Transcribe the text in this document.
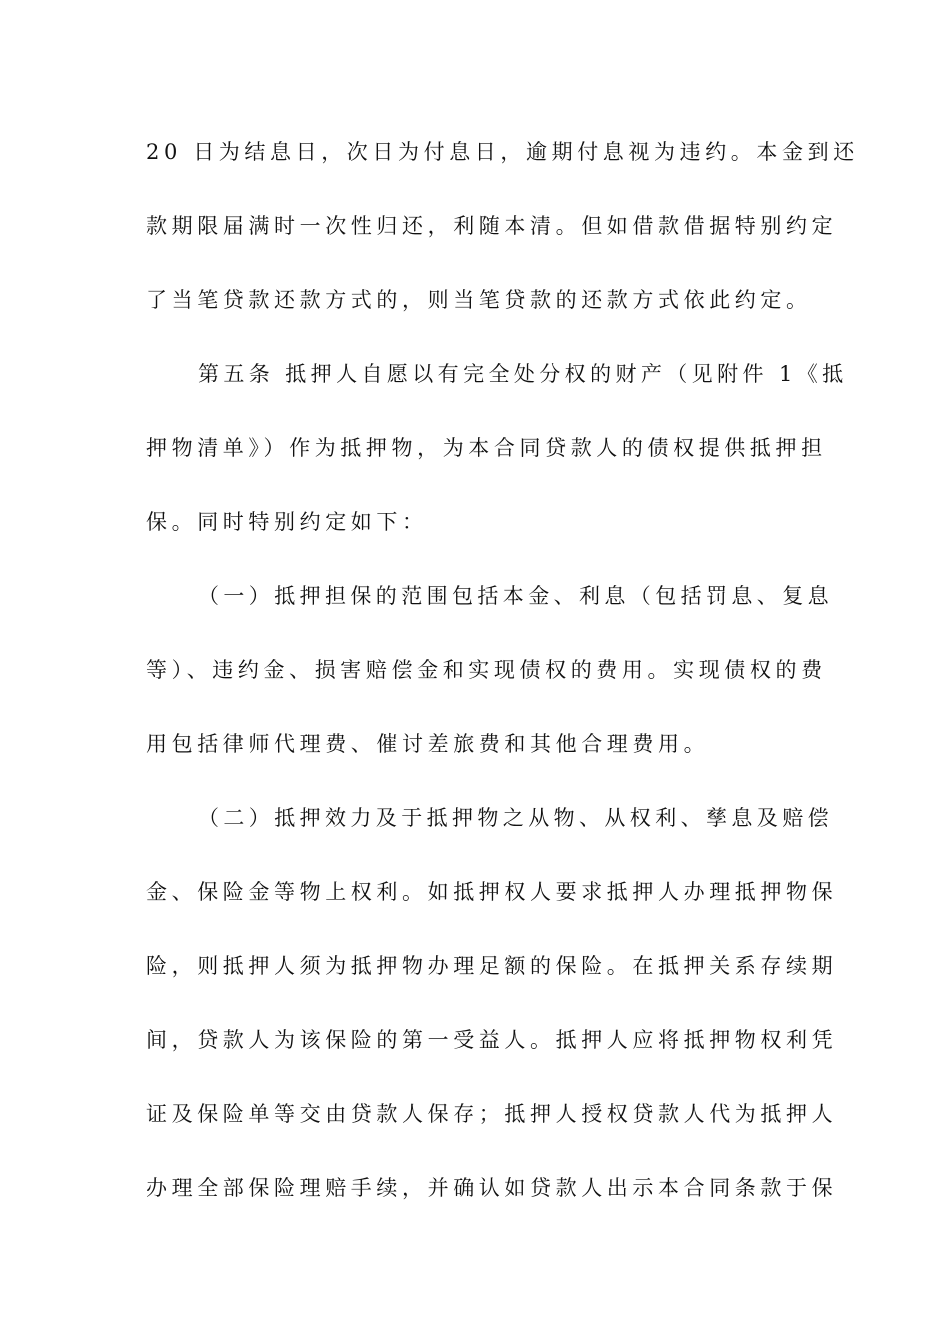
20 日为结息日，次日为付息日，逾期付息视为违约。本金到还
款期限届满时一次性归还，利随本清。但如借款借据特别约定
了当笔贷款还款方式的，则当笔贷款的还款方式依此约定。
第五条 抵押人自愿以有完全处分权的财产（见附件 1《抵
押物清单》）作为抵押物，为本合同贷款人的债权提供抵押担
保。同时特别约定如下：
（一）抵押担保的范围包括本金、利息（包括罚息、复息
等）、违约金、损害赔偿金和实现债权的费用。实现债权的费
用包括律师代理费、催讨差旅费和其他合理费用。
（二）抵押效力及于抵押物之从物、从权利、孳息及赔偿
金、保险金等物上权利。如抵押权人要求抵押人办理抵押物保
险，则抵押人须为抵押物办理足额的保险。在抵押关系存续期
间，贷款人为该保险的第一受益人。抵押人应将抵押物权利凭
证及保险单等交由贷款人保存；抵押人授权贷款人代为抵押人
办理全部保险理赔手续，并确认如贷款人出示本合同条款于保
